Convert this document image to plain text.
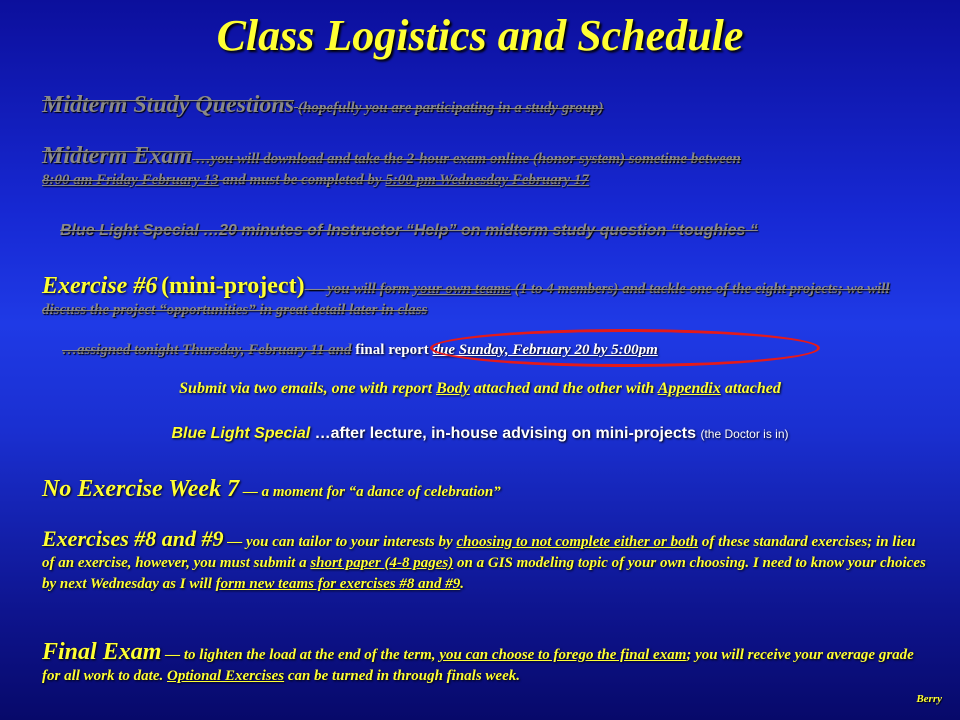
Class Logistics and Schedule
Midterm Study Questions (hopefully you are participating in a study group)
Midterm Exam …you will download and take the 2-hour exam online (honor system) sometime between
8:00 am Friday February 13 and must be completed by 5:00 pm Wednesday February 17
Blue Light Special …20 minutes of Instructor “Help” on midterm study question “toughies “
Exercise #6 (mini-project) — you will form your own teams (1 to 4 members) and tackle one of the eight projects; we will discuss the project “opportunities” in great detail later in class
…assigned tonight Thursday, February 11 and final report due Sunday, February 20 by 5:00pm
Submit via two emails, one with report Body attached and the other with Appendix attached
Blue Light Special …after lecture, in-house advising on mini-projects (the Doctor is in)
No Exercise Week 7 — a moment for “a dance of celebration”
Exercises #8 and #9 — you can tailor to your interests by choosing to not complete either or both of these standard exercises; in lieu of an exercise, however, you must submit a short paper (4-8 pages) on a GIS modeling topic of your own choosing. I need to know your choices by next Wednesday as I will form new teams for exercises #8 and #9.
Final Exam — to lighten the load at the end of the term, you can choose to forego the final exam; you will receive your average grade for all work to date. Optional Exercises can be turned in through finals week.
Berry
